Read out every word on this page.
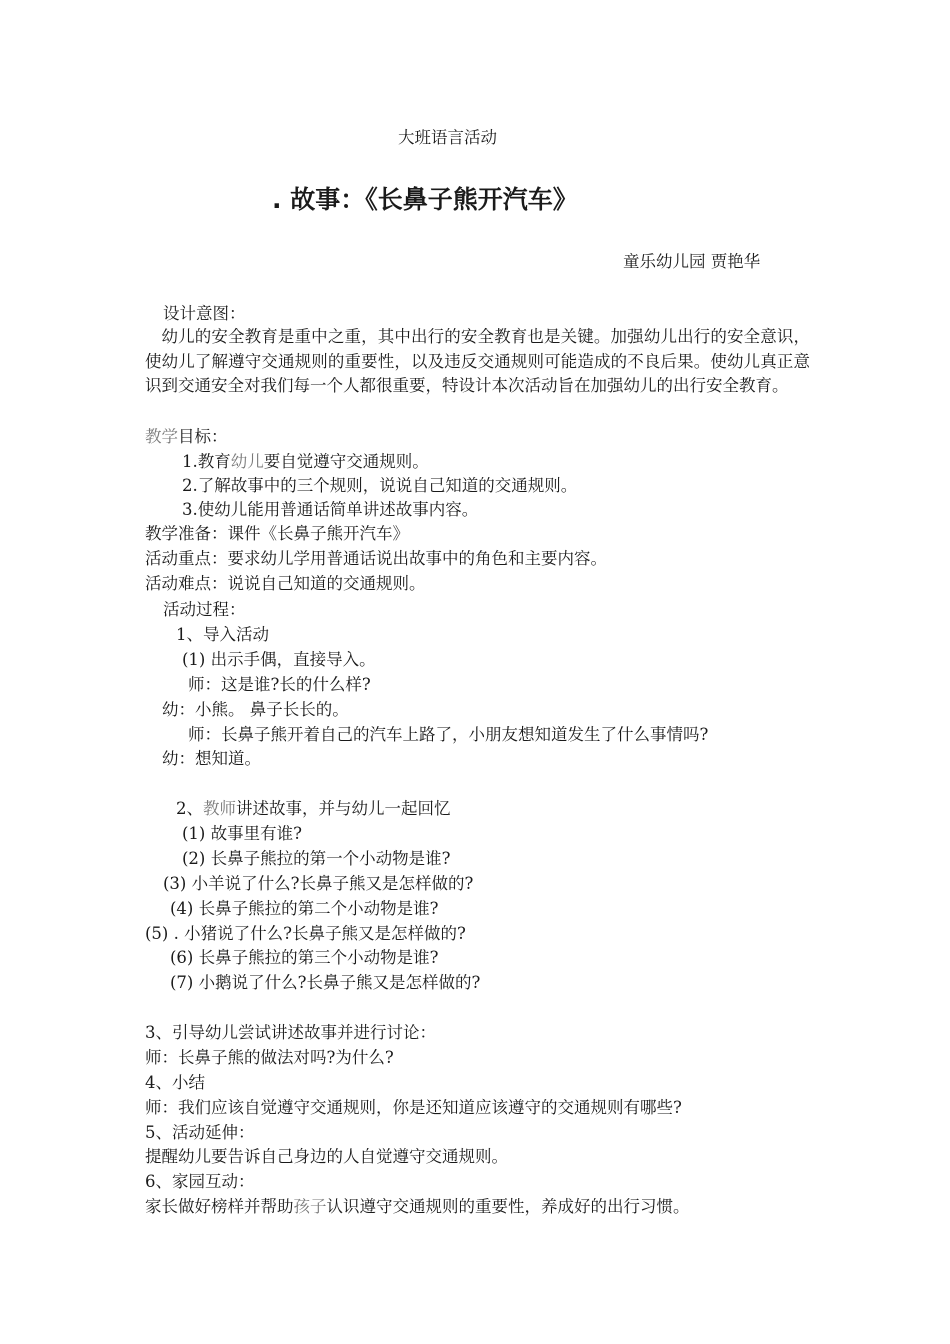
大班语言活动
. 故事：《长鼻子熊开汽车》
童乐幼儿园 贾艳华
设计意图：
幼儿的安全教育是重中之重，其中出行的安全教育也是关键。加强幼儿出行的安全意识，使幼儿了解遵守交通规则的重要性，以及违反交通规则可能造成的不良后果。使幼儿真正意识到交通安全对我们每一个人都很重要，特设计本次活动旨在加强幼儿的出行安全教育。
教学目标：
1.教育幼儿要自觉遵守交通规则。
2.了解故事中的三个规则，说说自己知道的交通规则。
3.使幼儿能用普通话简单讲述故事内容。
教学准备：课件《长鼻子熊开汽车》
活动重点：要求幼儿学用普通话说出故事中的角色和主要内容。
活动难点：说说自己知道的交通规则。
活动过程：
1、导入活动
(1) 出示手偶，直接导入。
师：这是谁?长的什么样?
幼：小熊。 鼻子长长的。
师：长鼻子熊开着自己的汽车上路了，小朋友想知道发生了什么事情吗?
幼：想知道。
2、教师讲述故事，并与幼儿一起回忆
(1) 故事里有谁?
(2) 长鼻子熊拉的第一个小动物是谁?
(3) 小羊说了什么?长鼻子熊又是怎样做的?
(4) 长鼻子熊拉的第二个小动物是谁?
(5) . 小猪说了什么?长鼻子熊又是怎样做的?
(6) 长鼻子熊拉的第三个小动物是谁?
(7) 小鹅说了什么?长鼻子熊又是怎样做的?
3、引导幼儿尝试讲述故事并进行讨论：
师：长鼻子熊的做法对吗?为什么?
4、小结
师：我们应该自觉遵守交通规则，你是还知道应该遵守的交通规则有哪些?
5、活动延伸：
提醒幼儿要告诉自己身边的人自觉遵守交通规则。
6、家园互动：
家长做好榜样并帮助孩子认识遵守交通规则的重要性，养成好的出行习惯。
